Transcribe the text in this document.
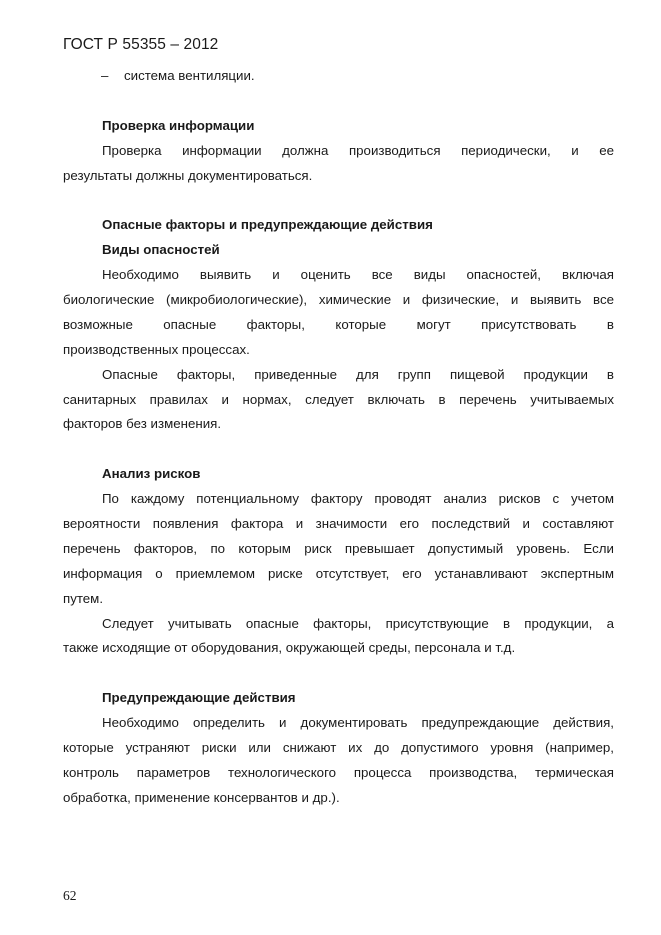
ГОСТ Р 55355 – 2012
– система вентиляции.
Проверка информации
Проверка информации должна производиться периодически, и ее
результаты должны документироваться.
Опасные факторы и предупреждающие действия
Виды опасностей
Необходимо выявить и оценить все виды опасностей, включая
биологические (микробиологические), химические и физические, и выявить все
возможные опасные факторы, которые могут присутствовать в
производственных процессах.
Опасные факторы, приведенные для групп пищевой продукции в
санитарных правилах и нормах, следует включать в перечень учитываемых
факторов без изменения.
Анализ рисков
По каждому потенциальному фактору проводят анализ рисков с учетом
вероятности появления фактора и значимости его последствий и составляют
перечень факторов, по которым риск превышает допустимый уровень. Если
информация о приемлемом риске отсутствует, его устанавливают экспертным
путем.
Следует учитывать опасные факторы, присутствующие в продукции, а
также исходящие от оборудования, окружающей среды, персонала и т.д.
Предупреждающие действия
Необходимо определить и документировать предупреждающие действия,
которые устраняют риски или снижают их до допустимого уровня (например,
контроль параметров технологического процесса производства, термическая
обработка, применение консервантов и др.).
62
